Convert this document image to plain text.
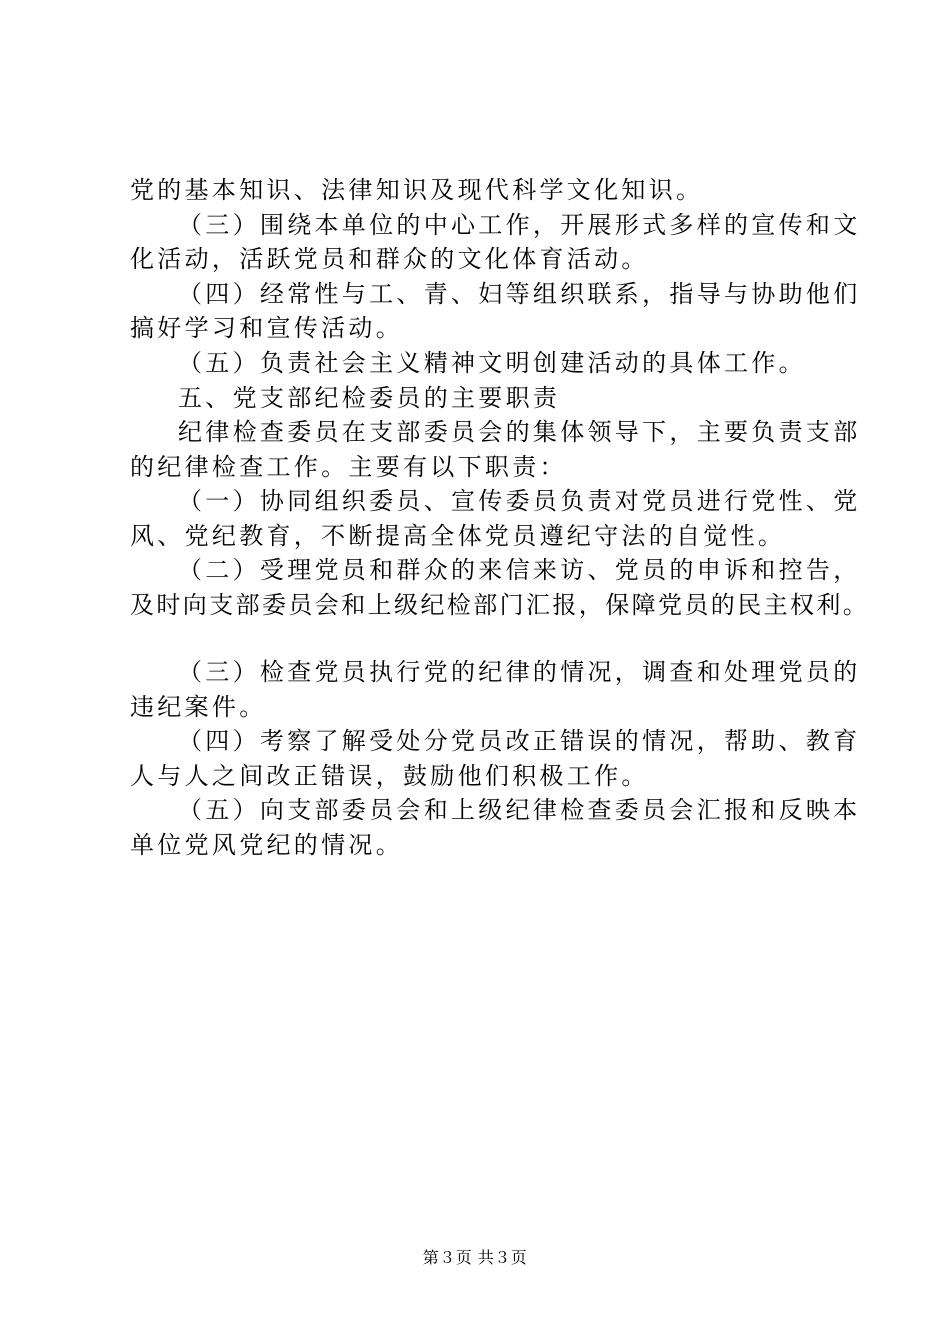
党的基本知识、法律知识及现代科学文化知识。
（三）围绕本单位的中心工作，开展形式多样的宣传和文
化活动，活跃党员和群众的文化体育活动。
（四）经常性与工、青、妇等组织联系，指导与协助他们
搞好学习和宣传活动。
（五）负责社会主义精神文明创建活动的具体工作。
五、党支部纪检委员的主要职责
纪律检查委员在支部委员会的集体领导下，主要负责支部
的纪律检查工作。主要有以下职责：
（一）协同组织委员、宣传委员负责对党员进行党性、党
风、党纪教育，不断提高全体党员遵纪守法的自觉性。
（二）受理党员和群众的来信来访、党员的申诉和控告，
及时向支部委员会和上级纪检部门汇报，保障党员的民主权利。
（三）检查党员执行党的纪律的情况，调查和处理党员的
违纪案件。
（四）考察了解受处分党员改正错误的情况，帮助、教育
人与人之间改正错误，鼓励他们积极工作。
（五）向支部委员会和上级纪律检查委员会汇报和反映本
单位党风党纪的情况。
第３页 共３页
